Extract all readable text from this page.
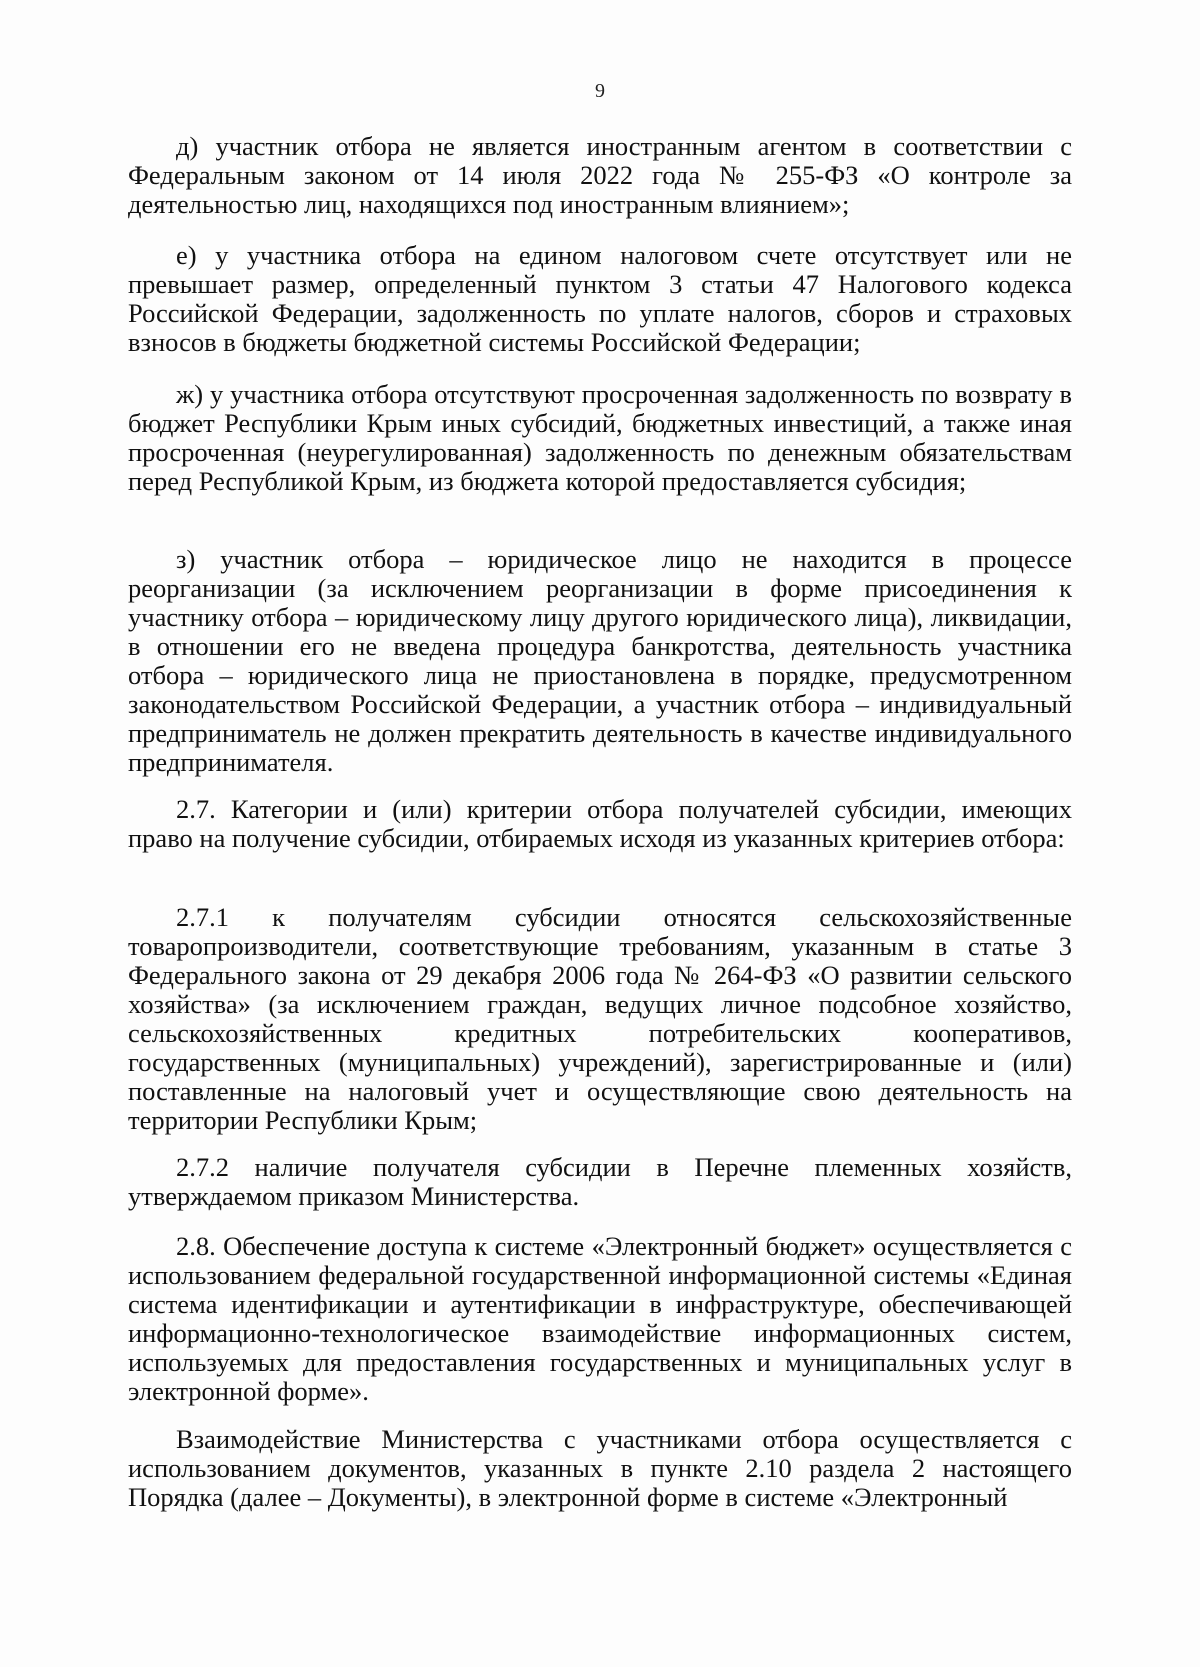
9

д) участник отбора не является иностранным агентом в соответствии с Федеральным законом от 14 июля 2022 года № 255-ФЗ «О контроле за деятельностью лиц, находящихся под иностранным влиянием»;

е) у участника отбора на едином налоговом счете отсутствует или не превышает размер, определенный пунктом 3 статьи 47 Налогового кодекса Российской Федерации, задолженность по уплате налогов, сборов и страховых взносов в бюджеты бюджетной системы Российской Федерации;

ж) у участника отбора отсутствуют просроченная задолженность по возврату в бюджет Республики Крым иных субсидий, бюджетных инвестиций, а также иная просроченная (неурегулированная) задолженность по денежным обязательствам перед Республикой Крым, из бюджета которой предоставляется субсидия;

з) участник отбора – юридическое лицо не находится в процессе реорганизации (за исключением реорганизации в форме присоединения к участнику отбора – юридическому лицу другого юридического лица), ликвидации, в отношении его не введена процедура банкротства, деятельность участника отбора – юридического лица не приостановлена в порядке, предусмотренном законодательством Российской Федерации, а участник отбора – индивидуальный предприниматель не должен прекратить деятельность в качестве индивидуального предпринимателя.

2.7. Категории и (или) критерии отбора получателей субсидии, имеющих право на получение субсидии, отбираемых исходя из указанных критериев отбора:

2.7.1 к получателям субсидии относятся сельскохозяйственные товаропроизводители, соответствующие требованиям, указанным в статье 3 Федерального закона от 29 декабря 2006 года № 264-ФЗ «О развитии сельского хозяйства» (за исключением граждан, ведущих личное подсобное хозяйство, сельскохозяйственных кредитных потребительских кооперативов, государственных (муниципальных) учреждений), зарегистрированные и (или) поставленные на налоговый учет и осуществляющие свою деятельность на территории Республики Крым;

2.7.2 наличие получателя субсидии в Перечне племенных хозяйств, утверждаемом приказом Министерства.

2.8. Обеспечение доступа к системе «Электронный бюджет» осуществляется с использованием федеральной государственной информационной системы «Единая система идентификации и аутентификации в инфраструктуре, обеспечивающей информационно-технологическое взаимодействие информационных систем, используемых для предоставления государственных и муниципальных услуг в электронной форме».

Взаимодействие Министерства с участниками отбора осуществляется с использованием документов, указанных в пункте 2.10 раздела 2 настоящего Порядка (далее – Документы), в электронной форме в системе «Электронный
